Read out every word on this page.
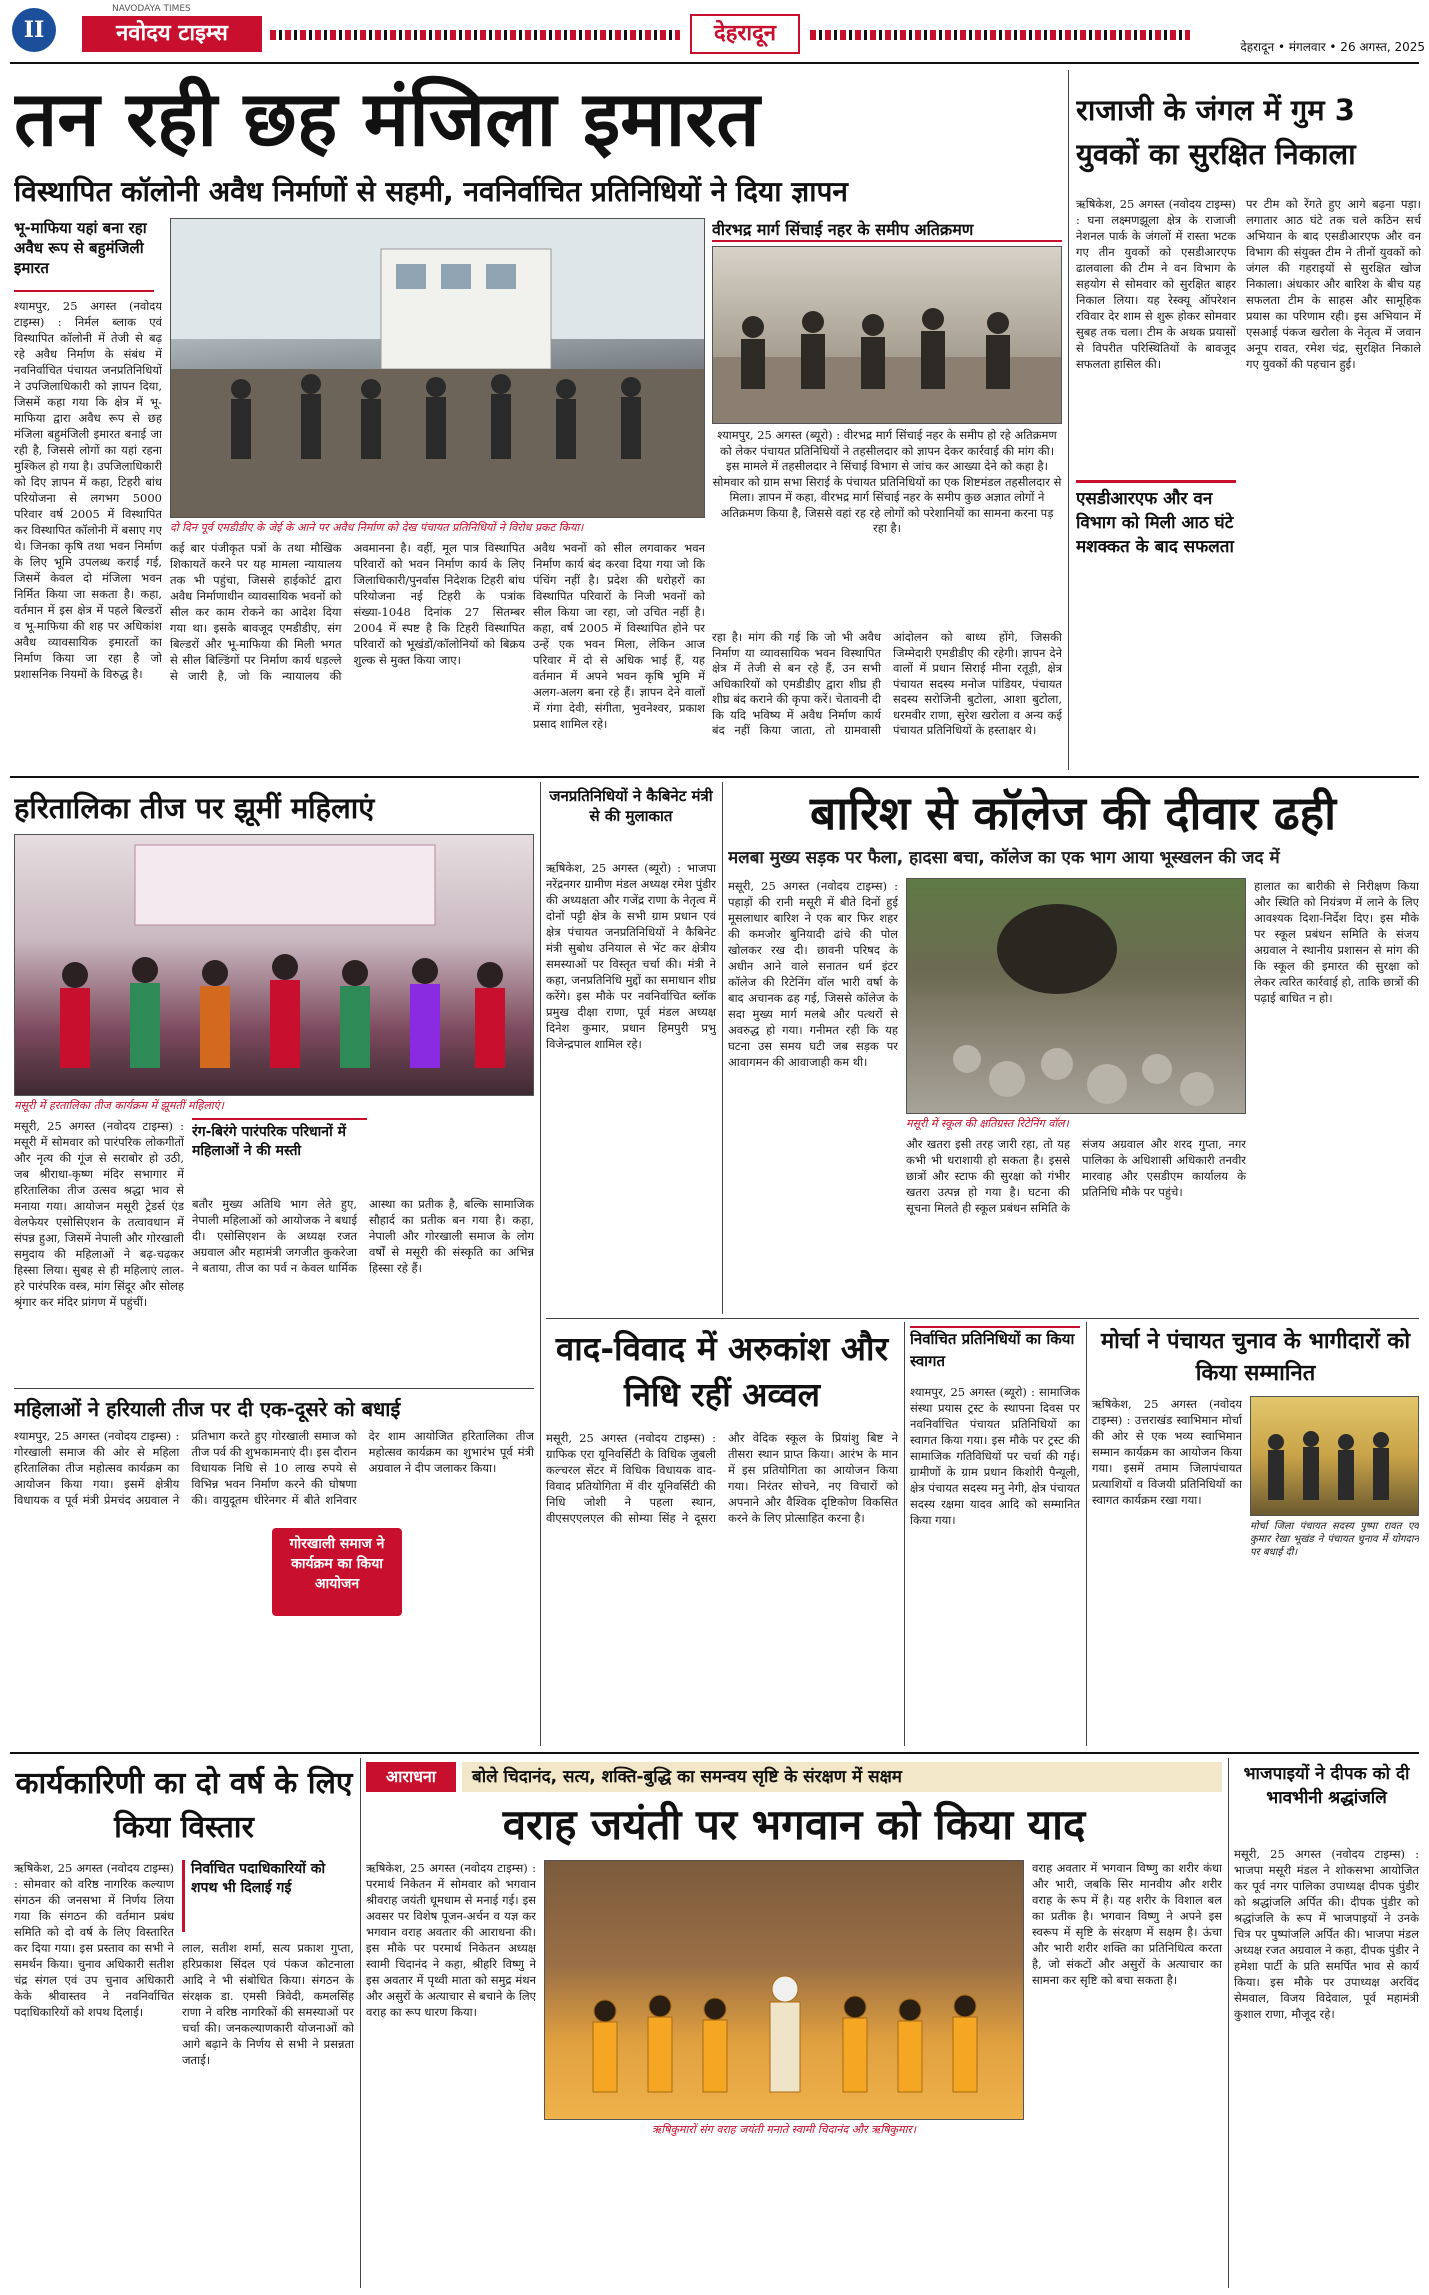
II
NAVODAYA TIMES
नवोदय टाइम्स	देहरादून
देहरादून • मंगलवार • 26 अगस्त, 2025
तन रही छह मंजिला इमारत
विस्थापित कॉलोनी अवैध निर्माणों से सहमी, नवनिर्वाचित प्रतिनिधियों ने दिया ज्ञापन
भू-माफिया यहां बना रहा अवैध रूप से बहुमंजिली इमारत
श्यामपुर, 25 अगस्त (नवोदय टाइम्स) : निर्मल ब्लाक एवं विस्थापित कॉलोनी में तेजी से बढ़ रहे अवैध निर्माण के संबंध में नवनिर्वाचित पंचायत जनप्रतिनिधियों ने उपजिलाधिकारी को ज्ञापन दिया, जिसमें कहा गया कि क्षेत्र में भू-माफिया द्वारा अवैध रूप से छह मंजिला बहुमंजिली इमारत बनाई जा रही है, जिससे लोगों का यहां रहना मुश्किल हो गया है। उपजिलाधिकारी को दिए ज्ञापन में कहा, टिहरी बांध परियोजना से लगभग 5000 परिवार वर्ष 2005 में विस्थापित कर विस्थापित कॉलोनी में बसाए गए थे। जिनका कृषि तथा भवन निर्माण के लिए भूमि उपलब्ध कराई गई, जिसमें केवल दो मंजिला भवन निर्मित किया जा सकता है। कहा, वर्तमान में इस क्षेत्र में पहले बिल्डरों व भू-माफिया की शह पर अधिकांश अवैध व्यावसायिक इमारतों का निर्माण किया जा रहा है जो प्रशासनिक नियमों के विरुद्ध है।
दो दिन पूर्व एमडीडीए के जेई के आने पर अवैध निर्माण को देख पंचायत प्रतिनिधियों ने विरोध प्रकट किया।
कई बार पंजीकृत पत्रों के तथा मौखिक शिकायतें करने पर यह मामला न्यायालय तक भी पहुंचा, जिससे हाईकोर्ट द्वारा अवैध निर्माणाधीन व्यावसायिक भवनों को सील कर काम रोकने का आदेश दिया गया था। इसके बावजूद एमडीडीए, संग बिल्डरों और भू-माफिया की मिली भगत से सील बिल्डिंगों पर निर्माण कार्य धड़ल्ले से जारी है, जो कि न्यायालय की अवमानना है। वहीं, मूल पात्र विस्थापित परिवारों को भवन निर्माण कार्य के लिए जिलाधिकारी/पुनर्वास निदेशक टिहरी बांध परियोजना नई टिहरी के पत्रांक संख्या-1048 दिनांक 27 सितम्बर 2004 में स्पष्ट है कि टिहरी विस्थापित परिवारों को भूखंडों/कॉलोनियों को बिक्रय शुल्क से मुक्त किया जाए।
अवैध भवनों को सील लगवाकर भवन निर्माण कार्य बंद करवा दिया गया जो कि पंचिंग नहीं है। प्रदेश की धरोहरों का विस्थापित परिवारों के निजी भवनों को सील किया जा रहा, जो उचित नहीं है। कहा, वर्ष 2005 में विस्थापित होने पर उन्हें एक भवन मिला, लेकिन आज परिवार में दो से अधिक भाई हैं, यह वर्तमान में अपने भवन कृषि भूमि में अलग-अलग बना रहे हैं। ज्ञापन देने वालों में गंगा देवी, संगीता, भुवनेश्वर, प्रकाश प्रसाद शामिल रहे।
वीरभद्र मार्ग सिंचाई नहर के समीप अतिक्रमण
श्यामपुर, 25 अगस्त (ब्यूरो) : वीरभद्र मार्ग सिंचाई नहर के समीप हो रहे अतिक्रमण को लेकर पंचायत प्रतिनिधियों ने तहसीलदार को ज्ञापन देकर कार्रवाई की मांग की। इस मामले में तहसीलदार ने सिंचाई विभाग से जांच कर आख्या देने को कहा है। सोमवार को ग्राम सभा सिराई के पंचायत प्रतिनिधियों का एक शिष्टमंडल तहसीलदार से मिला। ज्ञापन में कहा, वीरभद्र मार्ग सिंचाई नहर के समीप कुछ अज्ञात लोगों ने अतिक्रमण किया है, जिससे वहां रह रहे लोगों को परेशानियों का सामना करना पड़ रहा है।
रहा है। मांग की गई कि जो भी अवैध निर्माण या व्यावसायिक भवन विस्थापित क्षेत्र में तेजी से बन रहे हैं, उन सभी अधिकारियों को एमडीडीए द्वारा शीघ्र ही शीघ्र बंद कराने की कृपा करें। चेतावनी दी कि यदि भविष्य में अवैध निर्माण कार्य बंद नहीं किया जाता, तो ग्रामवासी आंदोलन को बाध्य होंगे, जिसकी जिम्मेदारी एमडीडीए की रहेगी। ज्ञापन देने वालों में प्रधान सिराई मीना रतूड़ी, क्षेत्र पंचायत सदस्य मनोज पांडियर, पंचायत सदस्य सरोजिनी बुटोला, आशा बुटोला, धरमवीर राणा, सुरेश खरोला व अन्य कई पंचायत प्रतिनिधियों के हस्ताक्षर थे।
राजाजी के जंगल में गुम 3 युवकों का सुरक्षित निकाला
ऋषिकेश, 25 अगस्त (नवोदय टाइम्स) : घना लक्ष्मणझूला क्षेत्र के राजाजी नेशनल पार्क के जंगलों में रास्ता भटक गए तीन युवकों को एसडीआरएफ ढालवाला की टीम ने वन विभाग के सहयोग से सोमवार को सुरक्षित बाहर निकाल लिया। यह रेस्क्यू ऑपरेशन रविवार देर शाम से शुरू होकर सोमवार सुबह तक चला। टीम के अथक प्रयासों से विपरीत परिस्थितियों के बावजूद सफलता हासिल की।
एसडीआरएफ और वन विभाग को मिली आठ घंटे मशक्कत के बाद सफलता
पर टीम को रेंगते हुए आगे बढ़ना पड़ा। लगातार आठ घंटे तक चले कठिन सर्च अभियान के बाद एसडीआरएफ और वन विभाग की संयुक्त टीम ने तीनों युवकों को जंगल की गहराइयों से सुरक्षित खोज निकाला। अंधकार और बारिश के बीच यह सफलता टीम के साहस और सामूहिक प्रयास का परिणाम रही। इस अभियान में एसआई पंकज खरोला के नेतृत्व में जवान अनूप रावत, रमेश चंद्र, सुरक्षित निकाले गए युवकों की पहचान हुई।
हरितालिका तीज पर झूमीं महिलाएं
मसूरी में हरतालिका तीज कार्यक्रम में झूमतीं महिलाएं।
मसूरी, 25 अगस्त (नवोदय टाइम्स) : मसूरी में सोमवार को पारंपरिक लोकगीतों और नृत्य की गूंज से सराबोर हो उठी, जब श्रीराधा-कृष्ण मंदिर सभागार में हरितालिका तीज उत्सव श्रद्धा भाव से मनाया गया। आयोजन मसूरी ट्रेडर्स एंड वेलफेयर एसोसिएशन के तत्वावधान में संपन्न हुआ, जिसमें नेपाली और गोरखाली समुदाय की महिलाओं ने बढ़-चढ़कर हिस्सा लिया। सुबह से ही महिलाएं लाल-हरे पारंपरिक वस्त्र, मांग सिंदूर और सोलह श्रृंगार कर मंदिर प्रांगण में पहुंचीं।
रंग-बिरंगे पारंपरिक परिधानों में महिलाओं ने की मस्ती
बतौर मुख्य अतिथि भाग लेते हुए, नेपाली महिलाओं को आयोजक ने बधाई दी। एसोसिएशन के अध्यक्ष रजत अग्रवाल और महामंत्री जगजीत कुकरेजा ने बताया, तीज का पर्व न केवल धार्मिक आस्था का प्रतीक है, बल्कि सामाजिक सौहार्द का प्रतीक बन गया है। कहा, नेपाली और गोरखाली समाज के लोग वर्षों से मसूरी की संस्कृति का अभिन्न हिस्सा रहे हैं।
महिलाओं ने हरियाली तीज पर दी एक-दूसरे को बधाई
श्यामपुर, 25 अगस्त (नवोदय टाइम्स) : गोरखाली समाज की ओर से महिला हरितालिका तीज महोत्सव कार्यक्रम का आयोजन किया गया। इसमें क्षेत्रीय विधायक व पूर्व मंत्री प्रेमचंद अग्रवाल ने प्रतिभाग करते हुए गोरखाली समाज को तीज पर्व की शुभकामनाएं दी। इस दौरान विधायक निधि से 10 लाख रुपये से विभिन्न भवन निर्माण करने की घोषणा की। वायुदूतम धीरेनगर में बीते शनिवार देर शाम आयोजित हरितालिका तीज महोत्सव कार्यक्रम का शुभारंभ पूर्व मंत्री अग्रवाल ने दीप जलाकर किया।
गोरखाली समाज ने कार्यक्रम का किया आयोजन
जनप्रतिनिधियों ने कैबिनेट मंत्री से की मुलाकात
ऋषिकेश, 25 अगस्त (ब्यूरो) : भाजपा नरेंद्रनगर ग्रामीण मंडल अध्यक्ष रमेश पुंडीर की अध्यक्षता और गजेंद्र राणा के नेतृत्व में दोनों पट्टी क्षेत्र के सभी ग्राम प्रधान एवं क्षेत्र पंचायत जनप्रतिनिधियों ने कैबिनेट मंत्री सुबोध उनियाल से भेंट कर क्षेत्रीय समस्याओं पर विस्तृत चर्चा की। मंत्री ने कहा, जनप्रतिनिधि मुद्दों का समाधान शीघ्र करेंगे। इस मौके पर नवनिर्वाचित ब्लॉक प्रमुख दीक्षा राणा, पूर्व मंडल अध्यक्ष दिनेश कुमार, प्रधान हिमपुरी प्रभु विजेन्द्रपाल शामिल रहे।
बारिश से कॉलेज की दीवार ढही
मलबा मुख्य सड़क पर फैला, हादसा बचा, कॉलेज का एक भाग आया भूस्खलन की जद में
मसूरी, 25 अगस्त (नवोदय टाइम्स) : पहाड़ों की रानी मसूरी में बीते दिनों हुई मूसलाधार बारिश ने एक बार फिर शहर की कमजोर बुनियादी ढांचे की पोल खोलकर रख दी। छावनी परिषद के अधीन आने वाले सनातन धर्म इंटर कॉलेज की रिटेनिंग वॉल भारी वर्षा के बाद अचानक ढह गई, जिससे कॉलेज के सदा मुख्य मार्ग मलबे और पत्थरों से अवरुद्ध हो गया। गनीमत रही कि यह घटना उस समय घटी जब सड़क पर आवागमन की आवाजाही कम थी।
मसूरी में स्कूल की क्षतिग्रस्त रिटेनिंग वॉल।
और खतरा इसी तरह जारी रहा, तो यह कभी भी धराशायी हो सकता है। इससे छात्रों और स्टाफ की सुरक्षा को गंभीर खतरा उत्पन्न हो गया है। घटना की सूचना मिलते ही स्कूल प्रबंधन समिति के संजय अग्रवाल और शरद गुप्ता, नगर पालिका के अधिशासी अधिकारी तनवीर मारवाह और एसडीएम कार्यालय के प्रतिनिधि मौके पर पहुंचे।
हालात का बारीकी से निरीक्षण किया और स्थिति को नियंत्रण में लाने के लिए आवश्यक दिशा-निर्देश दिए। इस मौके पर स्कूल प्रबंधन समिति के संजय अग्रवाल ने स्थानीय प्रशासन से मांग की कि स्कूल की इमारत की सुरक्षा को लेकर त्वरित कार्रवाई हो, ताकि छात्रों की पढ़ाई बाधित न हो।
वाद-विवाद में अरुकांश और निधि रहीं अव्वल
मसूरी, 25 अगस्त (नवोदय टाइम्स) : ग्राफिक एरा यूनिवर्सिटी के विधिक जुबली कल्चरल सेंटर में विधिक विधायक वाद-विवाद प्रतियोगिता में वीर यूनिवर्सिटी की निधि जोशी ने पहला स्थान, वीएसएएलएल की सोम्या सिंह ने दूसरा और वेदिक स्कूल के प्रियांशु बिष्ट ने तीसरा स्थान प्राप्त किया। आरंभ के मान में इस प्रतियोगिता का आयोजन किया गया। निरंतर सोचने, नए विचारों को अपनाने और वैश्विक दृष्टिकोण विकसित करने के लिए प्रोत्साहित करना है।
निर्वाचित प्रतिनिधियों का किया स्वागत
श्यामपुर, 25 अगस्त (ब्यूरो) : सामाजिक संस्था प्रयास ट्रस्ट के स्थापना दिवस पर नवनिर्वाचित पंचायत प्रतिनिधियों का स्वागत किया गया। इस मौके पर ट्रस्ट की सामाजिक गतिविधियों पर चर्चा की गई। ग्रामीणों के ग्राम प्रधान किशोरी पैन्यूली, क्षेत्र पंचायत सदस्य मनु नेगी, क्षेत्र पंचायत सदस्य रक्षमा यादव आदि को सम्मानित किया गया।
मोर्चा ने पंचायत चुनाव के भागीदारों को किया सम्मानित
ऋषिकेश, 25 अगस्त (नवोदय टाइम्स) : उत्तराखंड स्वाभिमान मोर्चा की ओर से एक भव्य स्वाभिमान सम्मान कार्यक्रम का आयोजन किया गया। इसमें तमाम जिलापंचायत प्रत्याशियों व विजयी प्रतिनिधियों का स्वागत कार्यक्रम रखा गया।
मोर्चा जिला पंचायत सदस्य पुष्पा रावत एवं कुमार रेखा भूखंड ने पंचायत चुनाव में योगदान पर बधाई दी।
कार्यकारिणी का दो वर्ष के लिए किया विस्तार
ऋषिकेश, 25 अगस्त (नवोदय टाइम्स) : सोमवार को वरिष्ठ नागरिक कल्याण संगठन की जनसभा में निर्णय लिया गया कि संगठन की वर्तमान प्रबंध समिति को दो वर्ष के लिए विस्तारित कर दिया गया। इस प्रस्ताव का सभी ने समर्थन किया। चुनाव अधिकारी सतीश चंद्र संगल एवं उप चुनाव अधिकारी केके श्रीवास्तव ने नवनिर्वाचित पदाधिकारियों को शपथ दिलाई।
निर्वाचित पदाधिकारियों को शपथ भी दिलाई गई
लाल, सतीश शर्मा, सत्य प्रकाश गुप्ता, हरिप्रकाश सिंदल एवं पंकज कोटनाला आदि ने भी संबोधित किया। संगठन के संरक्षक डा. एमसी त्रिवेदी, कमलसिंह राणा ने वरिष्ठ नागरिकों की समस्याओं पर चर्चा की। जनकल्याणकारी योजनाओं को आगे बढ़ाने के निर्णय से सभी ने प्रसन्नता जताई।
आराधना	बोले चिदानंद, सत्य, शक्ति-बुद्धि का समन्वय सृष्टि के संरक्षण में सक्षम
वराह जयंती पर भगवान को किया याद
ऋषिकेश, 25 अगस्त (नवोदय टाइम्स) : परमार्थ निकेतन में सोमवार को भगवान श्रीवराह जयंती धूमधाम से मनाई गई। इस अवसर पर विशेष पूजन-अर्चन व यज्ञ कर भगवान वराह अवतार की आराधना की। इस मौके पर परमार्थ निकेतन अध्यक्ष स्वामी चिदानंद ने कहा, श्रीहरि विष्णु ने इस अवतार में पृथ्वी माता को समुद्र मंथन और असुरों के अत्याचार से बचाने के लिए वराह का रूप धारण किया।
ऋषिकुमारों संग वराह जयंती मनाते स्वामी चिदानंद और ऋषिकुमार।
वराह अवतार में भगवान विष्णु का शरीर कंधा और भारी, जबकि सिर मानवीय और शरीर वराह के रूप में है। यह शरीर के विशाल बल का प्रतीक है। भगवान विष्णु ने अपने इस स्वरूप में सृष्टि के संरक्षण में सक्षम है। ऊंचा और भारी शरीर शक्ति का प्रतिनिधित्व करता है, जो संकटों और असुरों के अत्याचार का सामना कर सृष्टि को बचा सकता है।
भाजपाइयों ने दीपक को दी भावभीनी श्रद्धांजलि
मसूरी, 25 अगस्त (नवोदय टाइम्स) : भाजपा मसूरी मंडल ने शोकसभा आयोजित कर पूर्व नगर पालिका उपाध्यक्ष दीपक पुंडीर को श्रद्धांजलि अर्पित की। दीपक पुंडीर को श्रद्धांजलि के रूप में भाजपाइयों ने उनके चित्र पर पुष्पांजलि अर्पित की। भाजपा मंडल अध्यक्ष रजत अग्रवाल ने कहा, दीपक पुंडीर ने हमेशा पार्टी के प्रति समर्पित भाव से कार्य किया। इस मौके पर उपाध्यक्ष अरविंद सेमवाल, विजय विदेवाल, पूर्व महामंत्री कुशाल राणा, मौजूद रहे।
